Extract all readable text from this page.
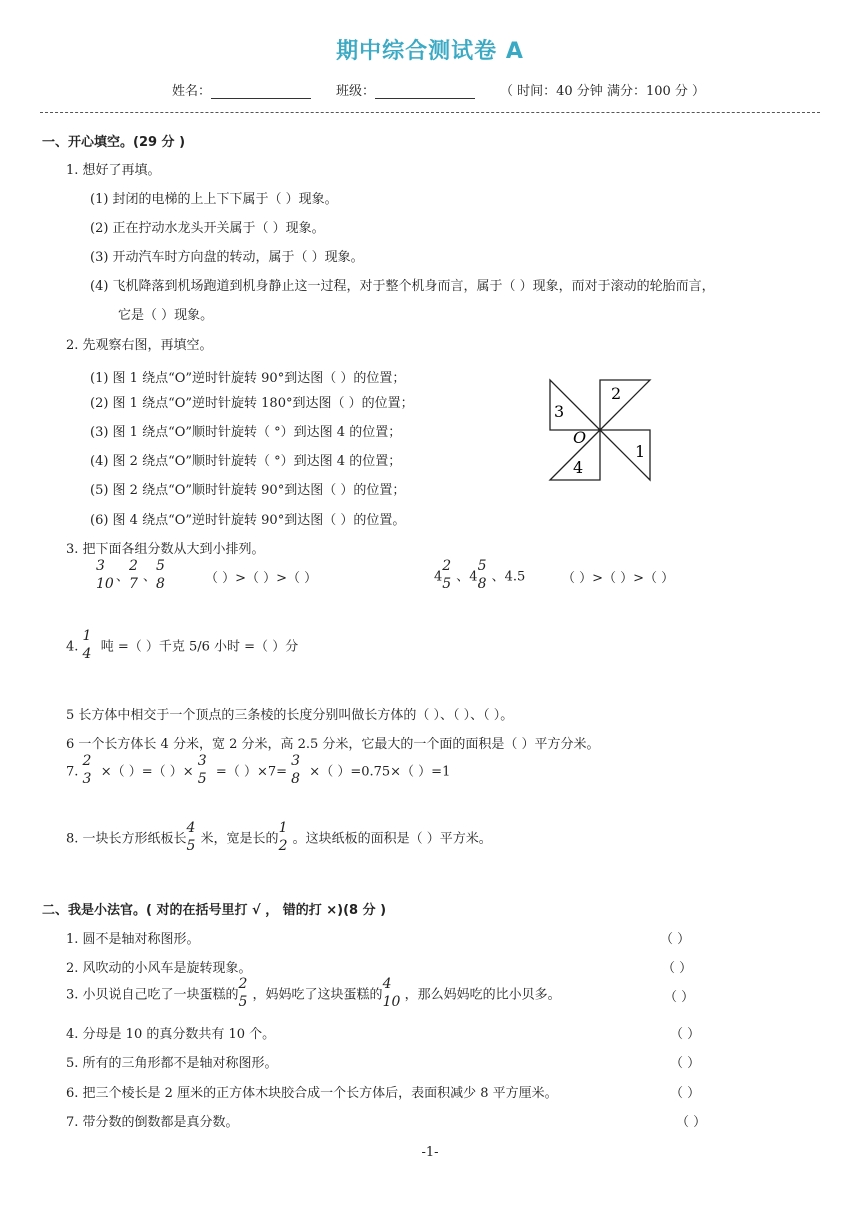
期中综合测试卷 A
姓名：	班级：	（ 时间：40 分钟 满分：100 分 ）
一、开心填空。(29 分 )
1. 想好了再填。
(1) 封闭的电梯的上上下下属于（ ）现象。
(2) 正在拧动水龙头开关属于（ ）现象。
(3) 开动汽车时方向盘的转动，属于（ ）现象。
(4) 飞机降落到机场跑道到机身静止这一过程，对于整个机身而言，属于（ ）现象，而对于滚动的轮胎而言，
它是（ ）现象。
2. 先观察右图，再填空。
(1) 图 1 绕点“O”逆时针旋转 90°到达图（ ）的位置；
(2) 图 1 绕点“O”逆时针旋转 180°到达图（ ）的位置；
(3) 图 1 绕点“O”顺时针旋转（ °）到达图 4 的位置；
(4) 图 2 绕点“O”顺时针旋转（ °）到达图 4 的位置；
(5) 图 2 绕点“O”顺时针旋转 90°到达图（ ）的位置；
(6) 图 4 绕点“O”逆时针旋转 90°到达图（ ）的位置。
2
3
1
4
O
3. 把下面各组分数从大到小排列。
3
10 、
2
7 、
5
8	（ ）>（ ）>（ ）	4
2
5 、4
5
8 、4.5	（ ）>（ ）>（ ）
4.
1
4 吨 =（ ）千克 5/6 小时 =（ ）分
5 长方体中相交于一个顶点的三条棱的长度分别叫做长方体的（ ）、（ ）、（ ）。
6 一个长方体长 4 分米，宽 2 分米，高 2.5 分米，它最大的一个面的面积是（ ）平方分米。
7.
2
3 ×（ ）=（ ）×
3
5 =（ ）×7=
3
8 ×（ ）=0.75×（ ）=1
8. 一块长方形纸板长
4
5 米，宽是长的
1
2 。这块纸板的面积是（ ）平方米。
二、我是小法官。( 对的在括号里打 √ ， 错的打 ×)(8 分 )
1. 圆不是轴对称图形。	（ ）
2. 风吹动的小风车是旋转现象。	（ ）
3. 小贝说自己吃了一块蛋糕的
2
5 ，妈妈吃了这块蛋糕的
4
10 ，那么妈妈吃的比小贝多。	（ ）
4. 分母是 10 的真分数共有 10 个。	（ ）
5. 所有的三角形都不是轴对称图形。	（ ）
6. 把三个棱长是 2 厘米的正方体木块胶合成一个长方体后，表面积减少 8 平方厘米。	（ ）
7. 带分数的倒数都是真分数。	（ ）
-1-
